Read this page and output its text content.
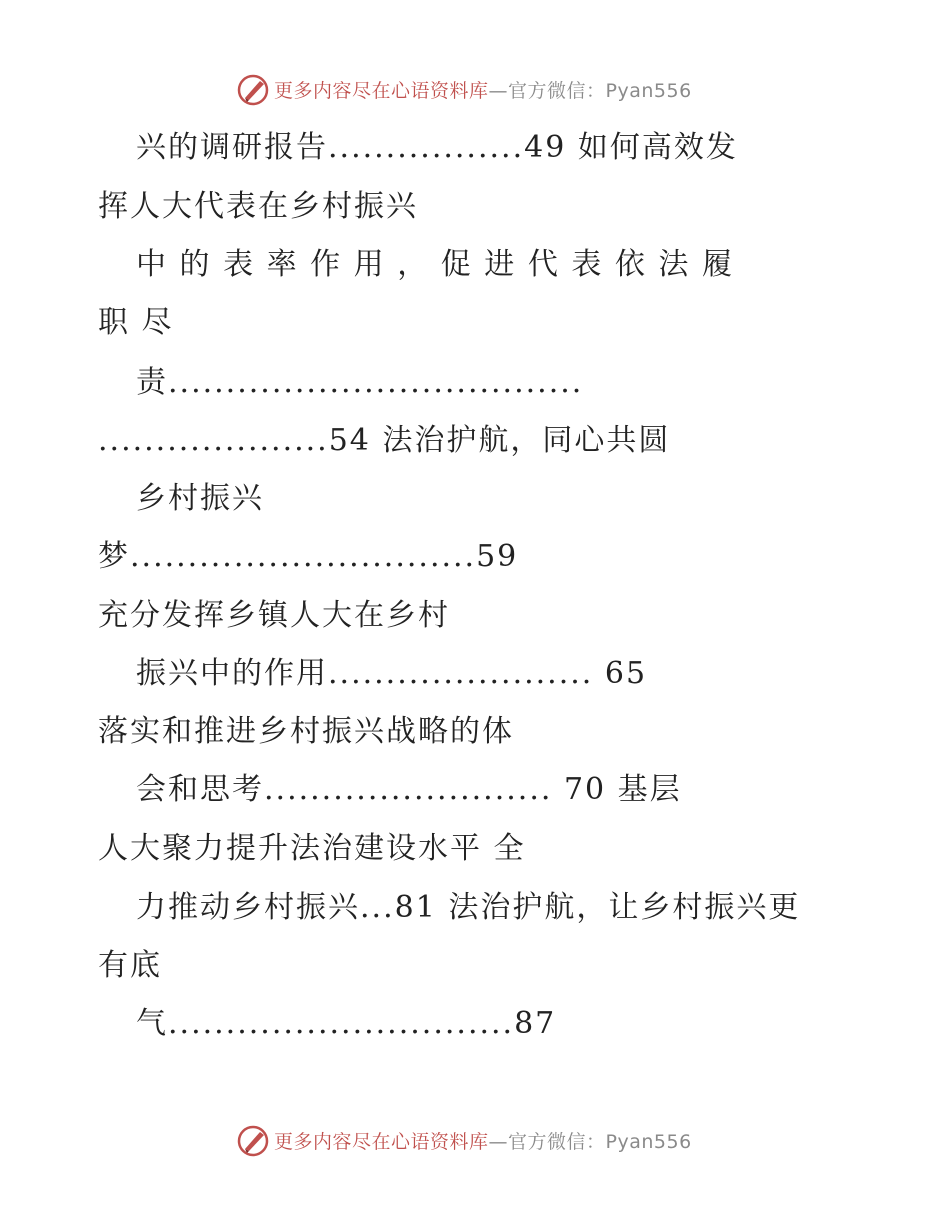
更多内容尽在心语资料库—官方微信：Pyan556
兴的调研报告.................49 如何高效发
挥人大代表在乡村振兴
中 的 表 率 作 用 ， 促 进 代 表 依 法 履
职 尽
责....................................
....................54 法治护航，同心共圆
乡村振兴
梦..............................59
充分发挥乡镇人大在乡村
振兴中的作用....................... 65
落实和推进乡村振兴战略的体
会和思考......................... 70 基层
人大聚力提升法治建设水平 全
力推动乡村振兴...81 法治护航，让乡村振兴更
有底
气..............................87
更多内容尽在心语资料库—官方微信：Pyan556
